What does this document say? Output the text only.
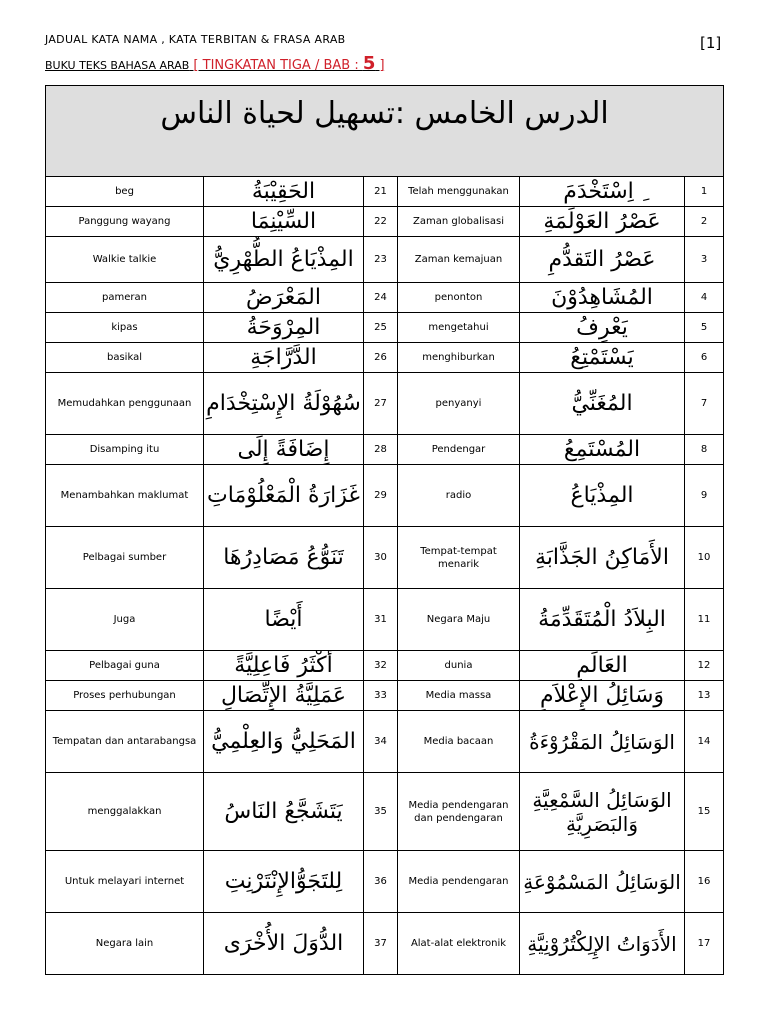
JADUAL KATA NAMA , KATA TERBITAN & FRASA ARAB
BUKU TEKS BAHASA ARAB [ TINGKATAN TIGA / BAB : 5 ]
[1]
الدرس الخامس :تسهيل لحياة الناس					

beg	الحَقِيْبَةُ	21	Telah menggunakan	ِ اِسْتَخْدَمَ	1
Panggung wayang	السِّيْنِمَا	22	Zaman globalisasi	عَصْرُ العَوْلَمَةِ	2
Walkie talkie	المِذْيَاعُ الطُّهْرِيُّ	23	Zaman kemajuan	عَصْرُ التَقدُّمِ	3
pameran	المَعْرَضُ	24	penonton	المُشَاهِدُوْنَ	4
kipas	المِرْوَحَةُ	25	mengetahui	يَعْرِفُ	5
basikal	الدَّرَّاجَةِ	26	menghiburkan	يَسْتَمْتِعُ	6
Memudahkan penggunaan	سُهُوْلَةُ الإِسْتِخْدَامِ	27	penyanyi	المُغَنِّيُّ	7
Disamping itu	إِضَافَةً إِلَى	28	Pendengar	المُسْتَمِعُ	8
Menambahkan maklumat	غَزَارَةُ الْمَعْلُوْمَاتِ	29	radio	المِذْيَاعُ	9
Pelbagai sumber	تَنَوُّعُ مَصَادِرُهَا	30	Tempat-tempat menarik	الأَمَاكِنُ الجَذَّابَةِ	10
Juga	أَيْضًا	31	Negara Maju	البِلاَدُ الْمُتَقَدِّمَةُ	11
Pelbagai guna	أَكْثَرُ فَاعِلِيَّةً	32	dunia	العَالَمِ	12
Proses perhubungan	عَمَلِيَّةُ الإِتِّصَالِ	33	Media massa	وَسَائِلُ الإِعْلاَمِ	13
Tempatan dan antarabangsa	المَحَلِيُّ وَالعِلْمِيُّ	34	Media bacaan	الوَسَائِلُ المَقْرُوْءَةُ	14
menggalakkan	يَتَشَجَّعُ النَاسُ	35	Media pendengaran dan pendengaran	الوَسَائِلُ السَّمْعِيَّةِ وَالبَصَرِيَّةِ	15
Untuk melayari internet	لِلتَجَوُّالإِنْتَرْنِتِ	36	Media pendengaran	الوَسَائِلُ المَسْمُوْعَةِ	16
Negara lain	الدُّوَلَ الأُخْرَى	37	Alat-alat elektronik	الأَدَوَاتُ الإِلِكْتُرُوْنِيَّةِ	17
